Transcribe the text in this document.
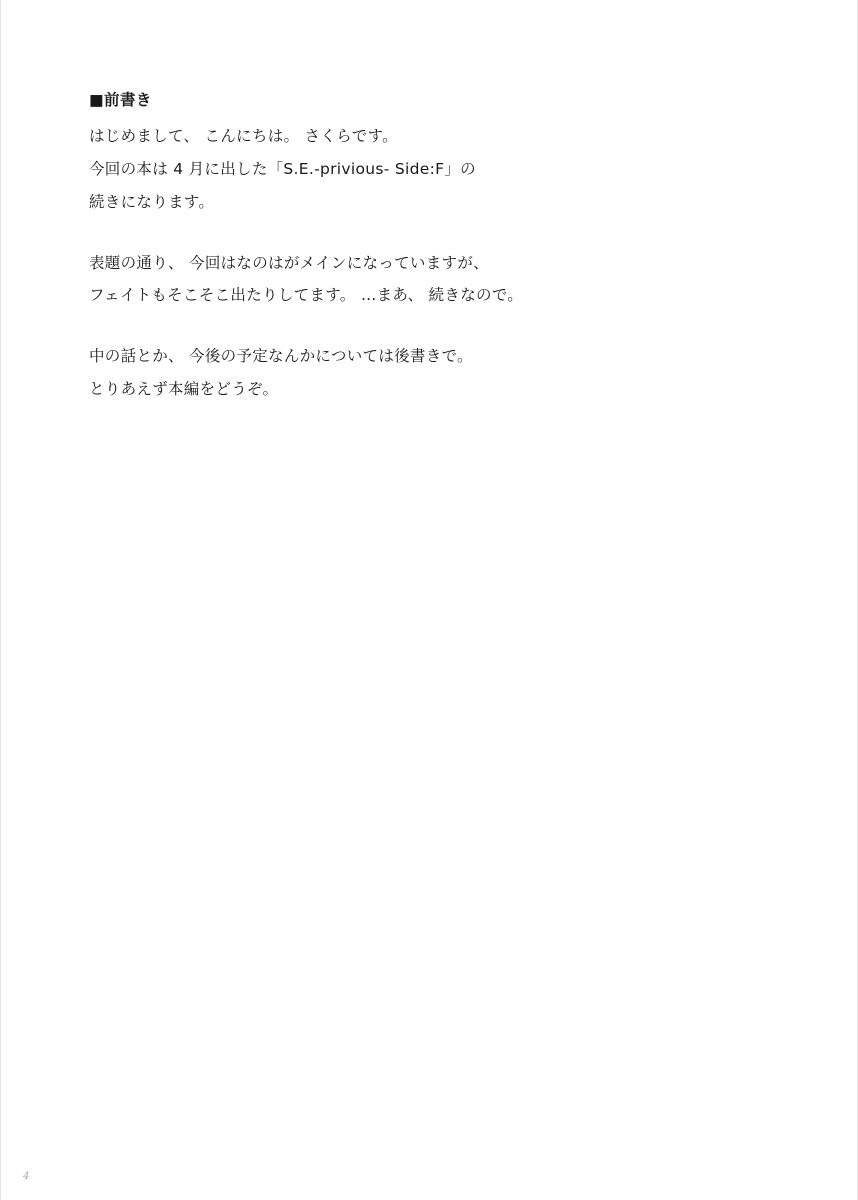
■前書き

はじめまして、 こんにちは。 さくらです。
今回の本は 4 月に出した「S.E.-privious- Side:F」の
続きになります。

表題の通り、 今回はなのはがメインになっていますが、
フェイトもそこそこ出たりしてます。 …まあ、 続きなので。

中の話とか、 今後の予定なんかについては後書きで。
とりあえず本編をどうぞ。

4
